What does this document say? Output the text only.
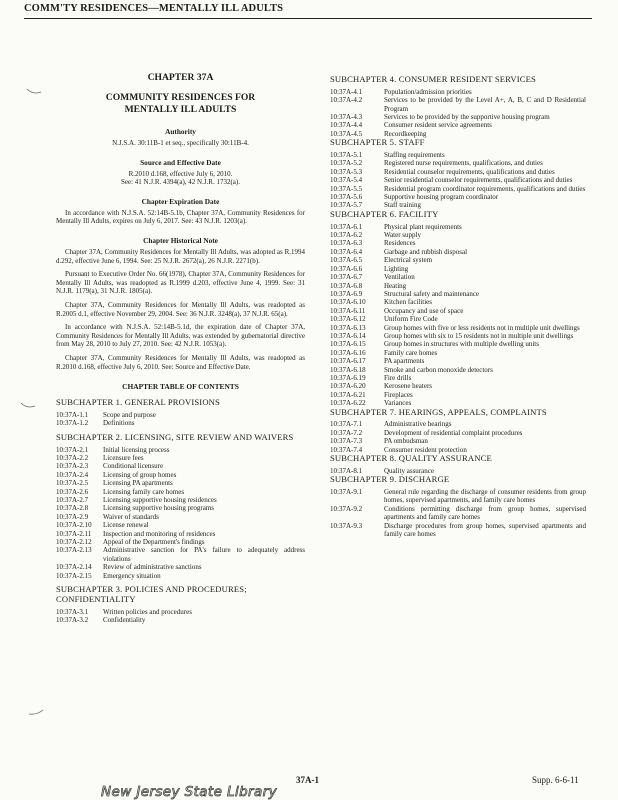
COMM'TY RESIDENCES—MENTALLY ILL ADULTS
CHAPTER 37A
COMMUNITY RESIDENCES FOR
MENTALLY ILL ADULTS
Authority
N.J.S.A. 30:11B-1 et seq., specifically 30:11B-4.
Source and Effective Date
R.2010 d.168, effective July 6, 2010.
See: 41 N.J.R. 4394(a), 42 N.J.R. 1732(a).
Chapter Expiration Date
In accordance with N.J.S.A. 52:14B-5.1b, Chapter 37A, Community Residences for Mentally Ill Adults, expires on July 6, 2017. See: 43 N.J.R. 1203(a).
Chapter Historical Note
Chapter 37A, Community Residences for Mentally Ill Adults, was adopted as R.1994 d.292, effective June 6, 1994. See: 25 N.J.R. 2672(a), 26 N.J.R. 2271(b).
Pursuant to Executive Order No. 66(1978), Chapter 37A, Community Residences for Mentally Ill Adults, was readopted as R.1999 d.203, effective June 4, 1999. See: 31 N.J.R. 1179(a), 31 N.J.R. 1805(a).
Chapter 37A, Community Residences for Mentally Ill Adults, was readopted as R.2005 d.1, effective November 29, 2004. See: 36 N.J.R. 3248(a), 37 N.J.R. 65(a).
In accordance with N.J.S.A. 52:14B-5.1d, the expiration date of Chapter 37A, Community Residences for Mentally Ill Adults, was extended by gubernatorial directive from May 28, 2010 to July 27, 2010. See: 42 N.J.R. 1053(a).
Chapter 37A, Community Residences for Mentally Ill Adults, was readopted as R.2010 d.168, effective July 6, 2010. See: Source and Effective Date.
CHAPTER TABLE OF CONTENTS
SUBCHAPTER 1. GENERAL PROVISIONS
10:37A-1.1	Scope and purpose
10:37A-1.2	Definitions
SUBCHAPTER 2. LICENSING, SITE REVIEW AND WAIVERS
10:37A-2.1	Initial licensing process
10:37A-2.2	Licensure fees
10:37A-2.3	Conditional licensure
10:37A-2.4	Licensing of group homes
10:37A-2.5	Licensing PA apartments
10:37A-2.6	Licensing family care homes
10:37A-2.7	Licensing supportive housing residences
10:37A-2.8	Licensing supportive housing programs
10:37A-2.9	Waiver of standards
10:37A-2.10	License renewal
10:37A-2.11	Inspection and monitoring of residences
10:37A-2.12	Appeal of the Department's findings
10:37A-2.13	Administrative sanction for PA's failure to adequately address violations
10:37A-2.14	Review of administrative sanctions
10:37A-2.15	Emergency situation
SUBCHAPTER 3. POLICIES AND PROCEDURES; CONFIDENTIALITY
10:37A-3.1	Written policies and procedures
10:37A-3.2	Confidentiality
SUBCHAPTER 4. CONSUMER RESIDENT SERVICES
10:37A-4.1	Population/admission priorities
10:37A-4.2	Services to be provided by the Level A+, A, B, C and D Residential Program
10:37A-4.3	Services to be provided by the supportive housing program
10:37A-4.4	Consumer resident service agreements
10:37A-4.5	Recordkeeping
SUBCHAPTER 5. STAFF
10:37A-5.1	Staffing requirements
10:37A-5.2	Registered nurse requirements, qualifications, and duties
10:37A-5.3	Residential counselor requirements, qualifications and duties
10:37A-5.4	Senior residential counselor requirements, qualifications and duties
10:37A-5.5	Residential program coordinator requirements, qualifications and duties
10:37A-5.6	Supportive housing program coordinator
10:37A-5.7	Staff training
SUBCHAPTER 6. FACILITY
10:37A-6.1	Physical plant requirements
10:37A-6.2	Water supply
10:37A-6.3	Residences
10:37A-6.4	Garbage and rubbish disposal
10:37A-6.5	Electrical system
10:37A-6.6	Lighting
10:37A-6.7	Ventilation
10:37A-6.8	Heating
10:37A-6.9	Structural safety and maintenance
10:37A-6.10	Kitchen facilities
10:37A-6.11	Occupancy and use of space
10:37A-6.12	Uniform Fire Code
10:37A-6.13	Group homes with five or less residents not in multiple unit dwellings
10:37A-6.14	Group homes with six to 15 residents not in multiple unit dwellings
10:37A-6.15	Group homes in structures with multiple dwelling units
10:37A-6.16	Family care homes
10:37A-6.17	PA apartments
10:37A-6.18	Smoke and carbon monoxide detectors
10:37A-6.19	Fire drills
10:37A-6.20	Kerosene heaters
10:37A-6.21	Fireplaces
10:37A-6.22	Variances
SUBCHAPTER 7. HEARINGS, APPEALS, COMPLAINTS
10:37A-7.1	Administrative hearings
10:37A-7.2	Development of residential complaint procedures
10:37A-7.3	PA ombudsman
10:37A-7.4	Consumer resident protection
SUBCHAPTER 8. QUALITY ASSURANCE
10:37A-8.1	Quality assurance
SUBCHAPTER 9. DISCHARGE
10:37A-9.1	General rule regarding the discharge of consumer residents from group homes, supervised apartments, and family care homes
10:37A-9.2	Conditions permitting discharge from group homes, supervised apartments and family care homes
10:37A-9.3	Discharge procedures from group homes, supervised apartments and family care homes
37A-1	Supp. 6-6-11
New Jersey State Library
